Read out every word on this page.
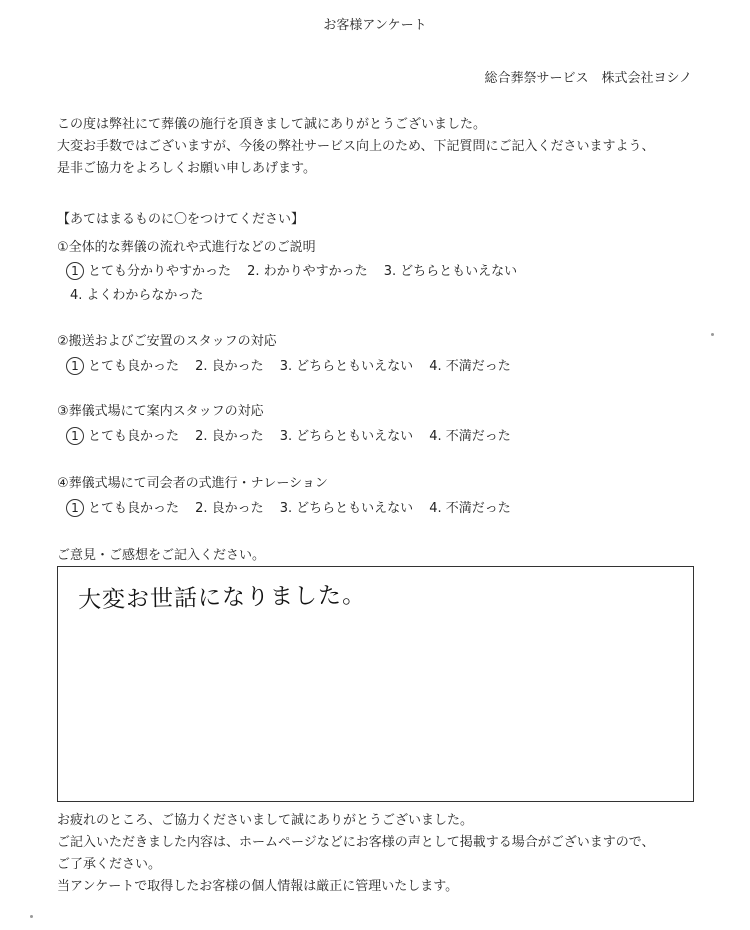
お客様アンケート
総合葬祭サービス　株式会社ヨシノ
この度は弊社にて葬儀の施行を頂きまして誠にありがとうございました。
大変お手数ではございますが、今後の弊社サービス向上のため、下記質問にご記入くださいますよう、
是非ご協力をよろしくお願い申しあげます。
【あてはまるものに〇をつけてください】
①全体的な葬儀の流れや式進行などのご説明
1 とても分かりやすかった 2. わかりやすかった 3. どちらともいえない
4. よくわからなかった
②搬送およびご安置のスタッフの対応
1 とても良かった 2. 良かった 3. どちらともいえない 4. 不満だった
③葬儀式場にて案内スタッフの対応
1 とても良かった 2. 良かった 3. どちらともいえない 4. 不満だった
④葬儀式場にて司会者の式進行・ナレーション
1 とても良かった 2. 良かった 3. どちらともいえない 4. 不満だった
ご意見・ご感想をご記入ください。
大変お世話になりました。
お疲れのところ、ご協力くださいまして誠にありがとうございました。
ご記入いただきました内容は、ホームページなどにお客様の声として掲載する場合がございますので、
ご了承ください。
当アンケートで取得したお客様の個人情報は厳正に管理いたします。
